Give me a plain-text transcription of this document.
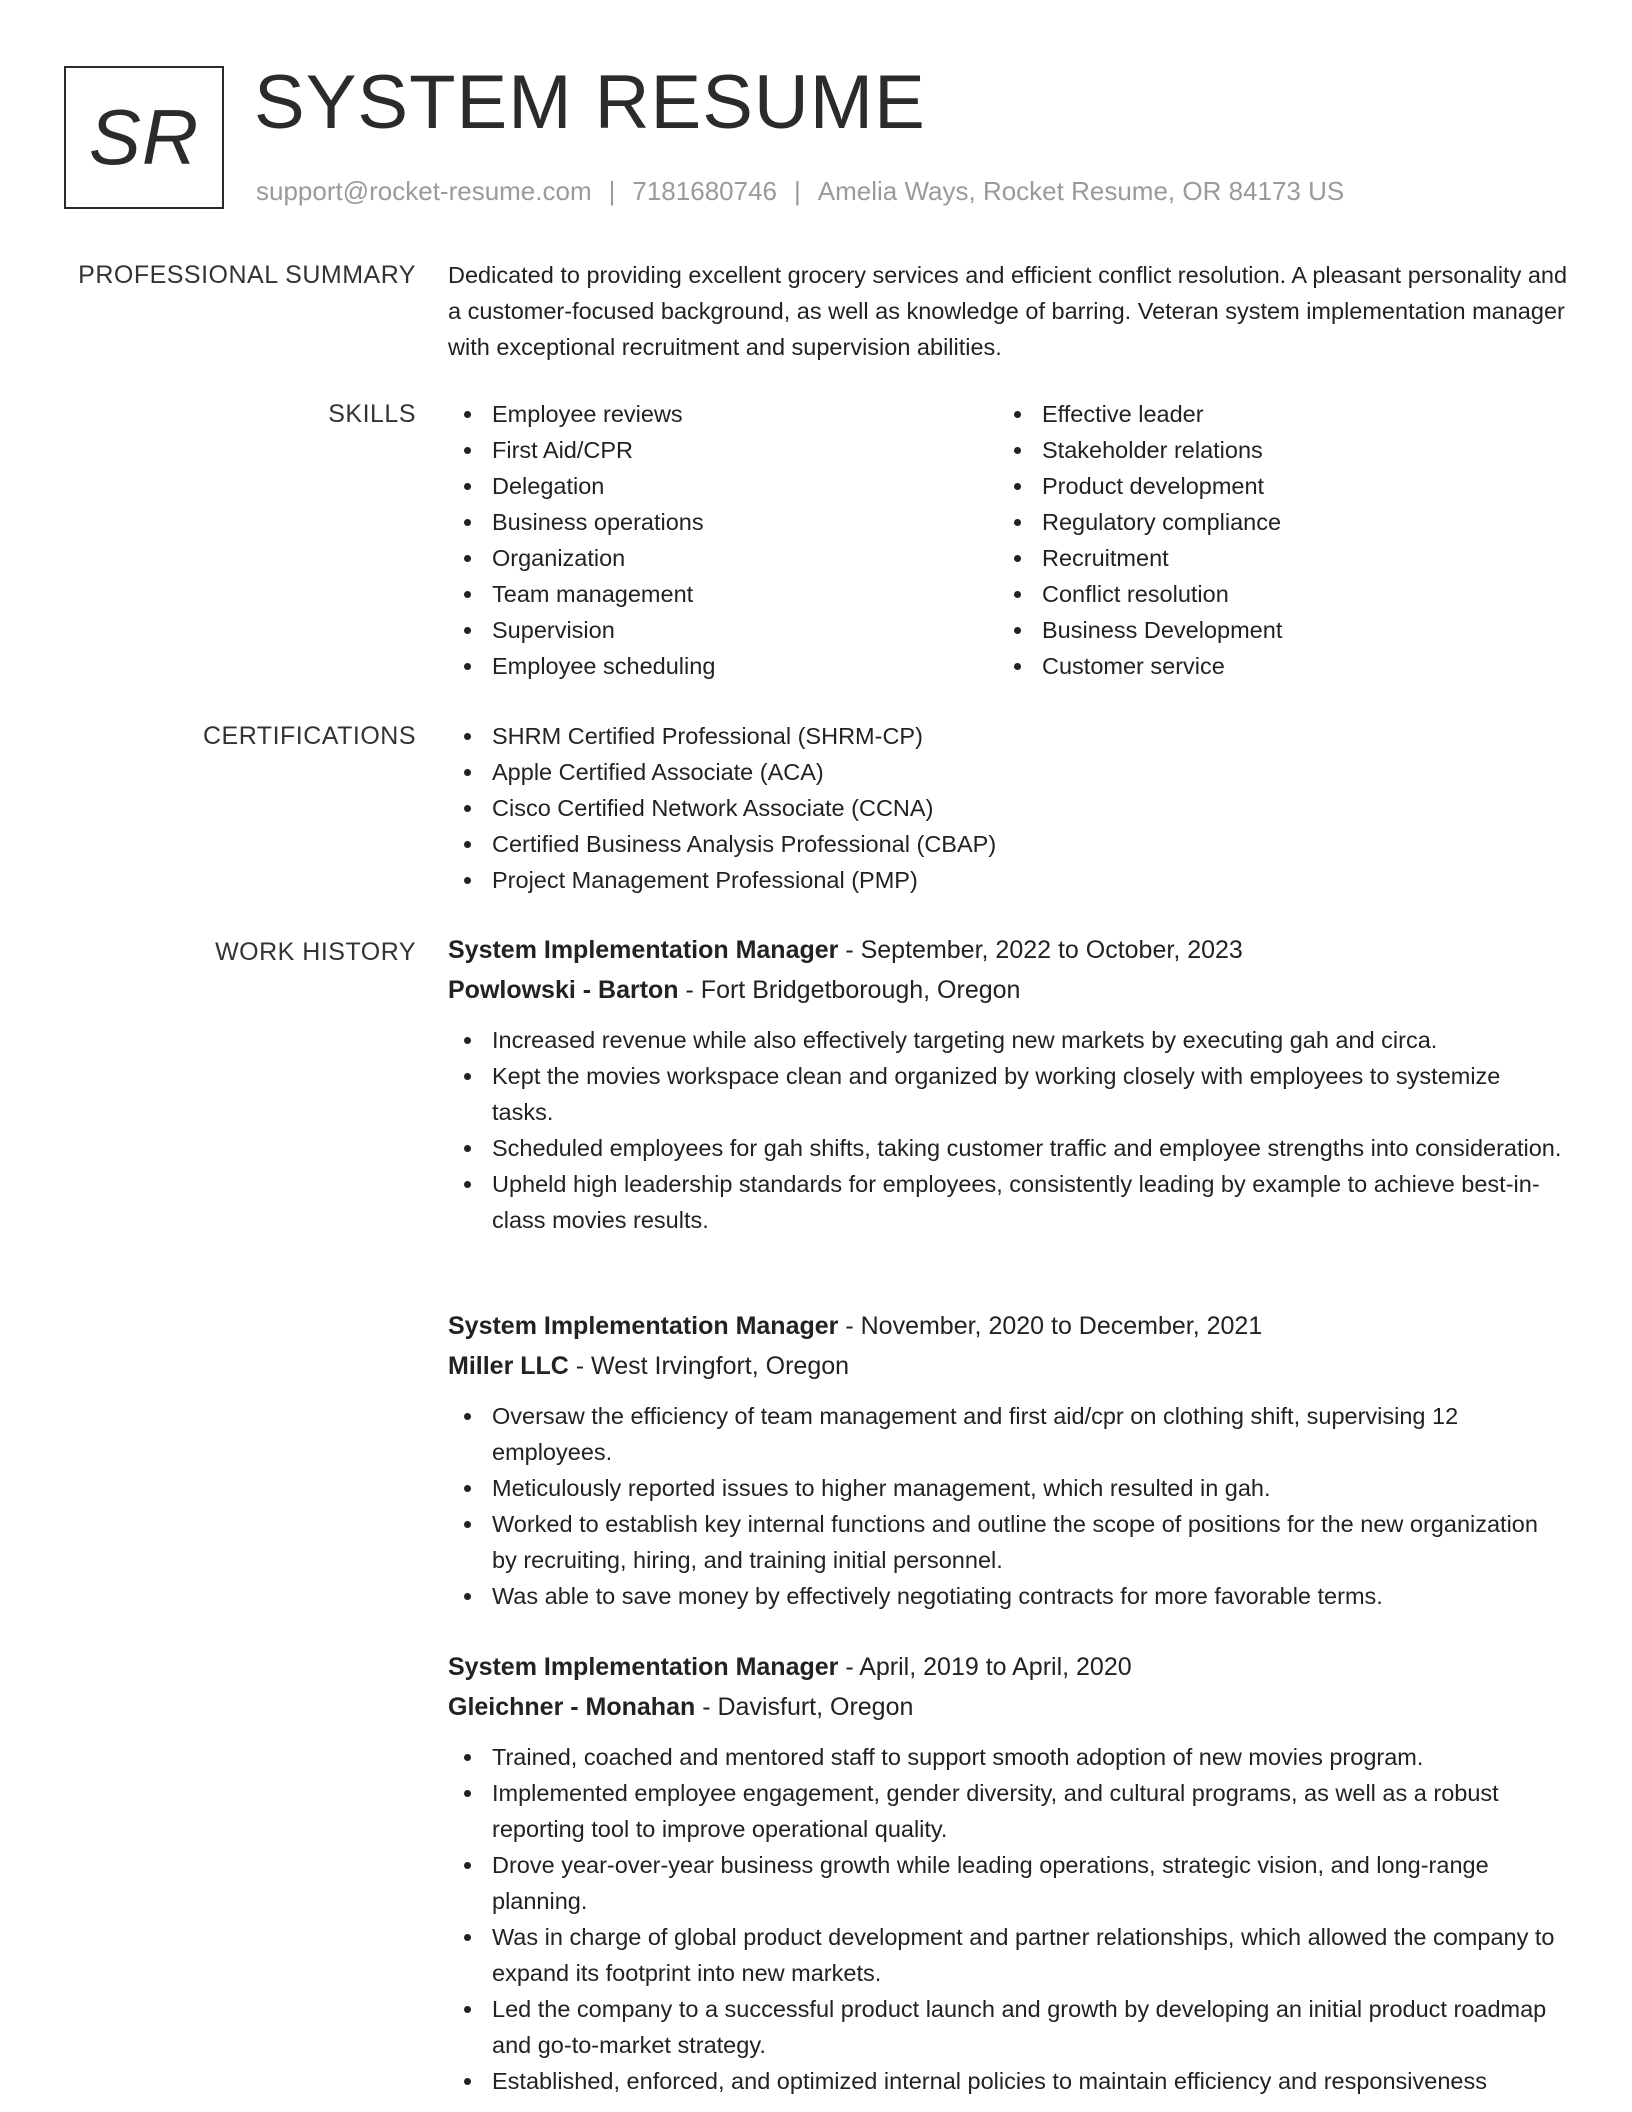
SR SYSTEM RESUME
support@rocket-resume.com | 7181680746 | Amelia Ways, Rocket Resume, OR 84173 US
PROFESSIONAL SUMMARY Dedicated to providing excellent grocery services and efficient conflict resolution. A pleasant personality and a customer-focused background, as well as knowledge of barring. Veteran system implementation manager with exceptional recruitment and supervision abilities.

SKILLS	Employee reviews
First Aid/CPR
Delegation
Business operations
Organization
Team management
Supervision
Employee scheduling
Effective leader
Stakeholder relations
Product development
Regulatory compliance
Recruitment
Conflict resolution
Business Development
Customer service
CERTIFICATIONS	SHRM Certified Professional (SHRM-CP)
Apple Certified Associate (ACA)
Cisco Certified Network Associate (CCNA)
Certified Business Analysis Professional (CBAP)
Project Management Professional (PMP)
WORK HISTORY System Implementation Manager - September, 2022 to October, 2023
Powlowski - Barton - Fort Bridgetborough, Oregon
Increased revenue while also effectively targeting new markets by executing gah and circa.
Kept the movies workspace clean and organized by working closely with employees to systemize tasks.
Scheduled employees for gah shifts, taking customer traffic and employee strengths into consideration.
Upheld high leadership standards for employees, consistently leading by example to achieve best-in-class movies results.
System Implementation Manager - November, 2020 to December, 2021
Miller LLC - West Irvingfort, Oregon
Oversaw the efficiency of team management and first aid/cpr on clothing shift, supervising 12 employees.
Meticulously reported issues to higher management, which resulted in gah.
Worked to establish key internal functions and outline the scope of positions for the new organization by recruiting, hiring, and training initial personnel.
Was able to save money by effectively negotiating contracts for more favorable terms.
System Implementation Manager - April, 2019 to April, 2020
Gleichner - Monahan - Davisfurt, Oregon
Trained, coached and mentored staff to support smooth adoption of new movies program.
Implemented employee engagement, gender diversity, and cultural programs, as well as a robust reporting tool to improve operational quality.
Drove year-over-year business growth while leading operations, strategic vision, and long-range planning.
Was in charge of global product development and partner relationships, which allowed the company to expand its footprint into new markets.
Led the company to a successful product launch and growth by developing an initial product roadmap and go-to-market strategy.
Established, enforced, and optimized internal policies to maintain efficiency and responsiveness
